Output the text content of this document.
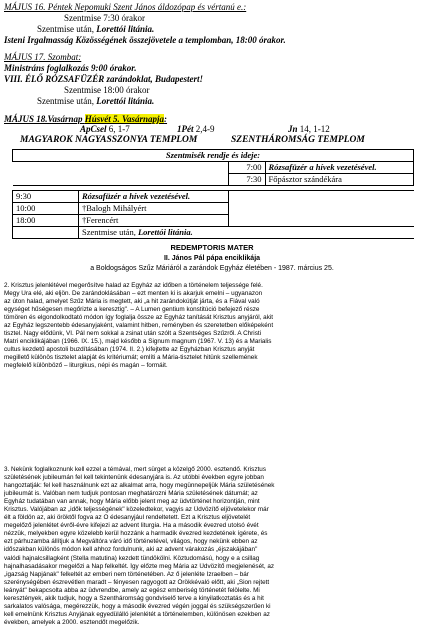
MÁJUS 16. Péntek Nepomuki Szent János áldozópap és vértanú e.:
Szentmise 7:30 órakor
Szentmise után, Lorettói litánia.
Isteni Irgalmasság Közösségének összejövetele a templomban, 18:00 órakor.
MÁJUS 17. Szombat:
Ministráns foglalkozás 9:00 órakor.
VIII. ÉLŐ RÓZSAFÜZÉR zarándoklat, Budapestert!
Szentmise 18:00 órakor
Szentmise után, Lorettói litánia.
MÁJUS 18.Vasárnap Húsvét 5. Vasárnapja:
ApCsel 6, 1-7	1Pét 2,4-9	Jn 14, 1-12
MAGYAROK NAGYASSZONYA TEMPLOM	SZENTHÁROMSÁG TEMPLOM
Szentmisék rendje és ideje:			
		7:00	Rózsafüzér a hívek vezetésével.
		7:30	Főpásztor szándékára

9:30	Rózsafüzér a hívek vezetésével.		
10:00	†Balogh Mihályért		
18:00	†Ferencért		
	Szentmise után, Lorettói litánia.		
REDEMPTORIS MATER
II. János Pál pápa enciklikája
a Boldogságos Szűz Máriáról a zarándok Egyház életében - 1987. március 25.
2. Krisztus jelenlétével megerősítve halad az Egyház az időben a történelem teljessége felé.
Megy Ura elé, aki eljön. De zarándoklásában – ezt menten ki is akarjuk emelni – ugyanazon
az úton halad, amelyet Szűz Mária is megtett, aki „a hit zarándokútját járta, és a Fiával való
egységet hűségesen megőrizte a keresztig". – A Lumen gentium konstitúció befejező része
tömören és elgondolkodtató módon így foglalja össze az Egyház tanítását Krisztus anyjáról, akit
az Egyház legszentebb édesanyjaként, valamint hitben, reményben és szeretetben előképeként
tisztel. Nagy elődünk, VI. Pál nem sokkal a zsinat után szólt a Szentséges Szűzről. A Christi
Matri enciklikájában (1966. IX. 15.), majd később a Signum magnum (1967. V. 13) és a Marialis
cultus kezdetű apostoli buzdításában (1974. II. 2.) kifejtette az Egyházban Krisztus anyját
megillető különös tisztelet alapját és kritériumát; említi a Mária-tisztelet hitünk szellemének
megfelelő különböző – liturgikus, népi és magán – formáit.
3. Nekünk foglalkoznunk kell ezzel a témával, mert sürget a közelgő 2000. esztendő. Krisztus
születésének jubileumán fel kell tekintenünk édesanyjára is. Az utóbbi években egyre jobban
hangoztatják: fel kell használnunk ezt az alkalmat arra, hogy megünnepeljük Mária születésének
jubileumát is. Valóban nem tudjuk pontosan meghatározni Mária születésének dátumát; az
Egyház tudatában van annak, hogy Mária előbb jelent meg az üdvtörténet horizontján, mint
Krisztus. Valójában az „idők teljességének" közeledtekor, vagyis az Üdvözítő eljövetelekor már
élt a földön az, aki öröktől fogva az Ő édesanyjául rendeltetett. Ezt a Krisztus eljövetelét
megelőző jelenlétet évről-évre kifejezi az advent liturgia. Ha a második évezred utolsó évét
nézzük, melyekben egyre közelebb kerül hozzánk a harmadik évezred kezdetének ígérete, és
ezt párhuzamba állítjuk a Megváltóra váró idő történetével, világos, hogy nekünk ebben az
időszakban különös módon kell ahhoz fordulnunk, aki az advent várakozás „éjszakájában"
valódi hajnalcsillagként (Stella matutina) kezdett tündökölni. Köztudomású, hogy e a csillag
hajnalhasadásakor megelőzi a Nap felkeltét. Így előzte meg Mária az Üdvözítő megjelenését, az
„igazság Napjának" felkeltét az emberi nem történetében. Az ő jelenléte Izraelben – bár
szerénységében észrevétlen maradt – fényesen ragyogott az Örökkévaló előtt, aki „Sion rejtett
leányát" bekapcsolta abba az üdvrendbe, amely az egész emberiség történetét felölelte. Mi
keresztények, akik tudjuk, hogy a Szentháromság gondviselő terve a kinyilatkoztatás és a hit
sarkalatos valósága, megérezzük, hogy a második évezred végén joggal és szükségszerűen ki
kell emelnünk Krisztus Anyjának egyedülálló jelenlétét a történelemben, különösen ezekben az
években, amelyek a 2000. esztendőt megelőzik.
